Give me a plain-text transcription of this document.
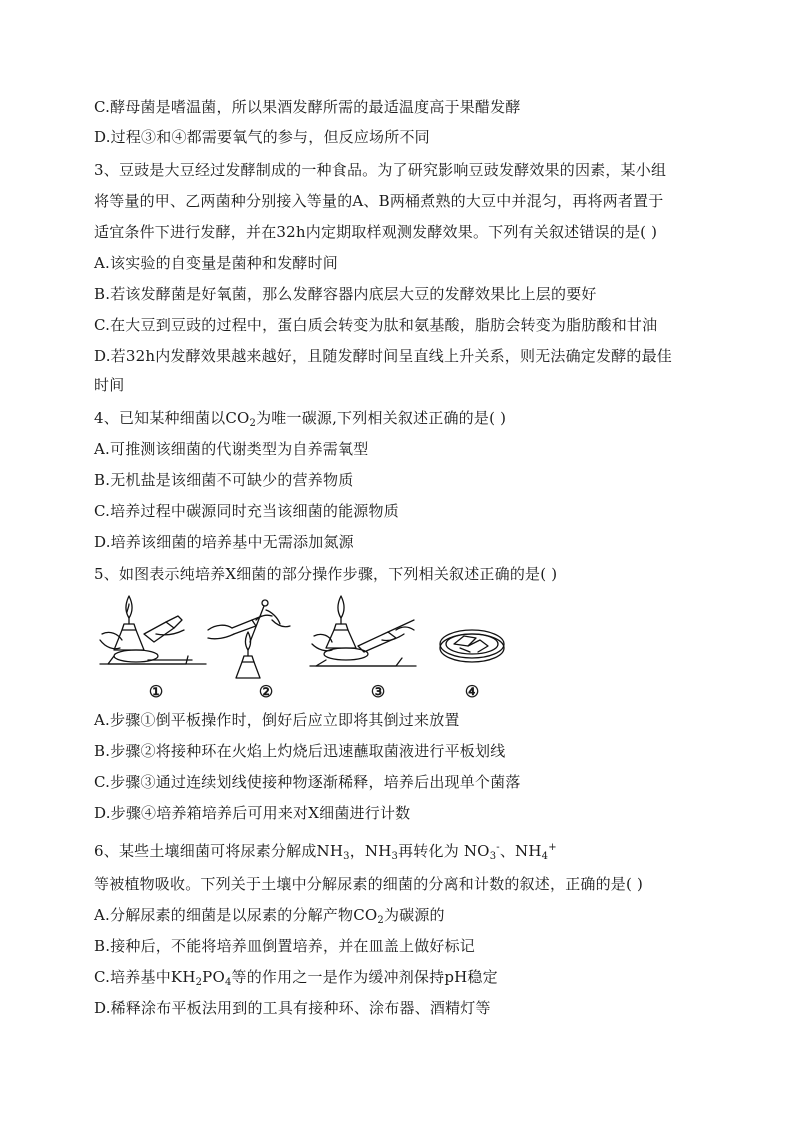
C.酵母菌是嗜温菌，所以果酒发酵所需的最适温度高于果醋发酵
D.过程③和④都需要氧气的参与，但反应场所不同
3、豆豉是大豆经过发酵制成的一种食品。为了研究影响豆豉发酵效果的因素，某小组
将等量的甲、乙两菌种分别接入等量的A、B两桶煮熟的大豆中并混匀，再将两者置于
适宜条件下进行发酵，并在32h内定期取样观测发酵效果。下列有关叙述错误的是( )
A.该实验的自变量是菌种和发酵时间
B.若该发酵菌是好氧菌，那么发酵容器内底层大豆的发酵效果比上层的要好
C.在大豆到豆豉的过程中，蛋白质会转变为肽和氨基酸，脂肪会转变为脂肪酸和甘油
D.若32h内发酵效果越来越好，且随发酵时间呈直线上升关系，则无法确定发酵的最佳
时间
4、已知某种细菌以$CO_2$为唯一碳源,下列相关叙述正确的是( )
A.可推测该细菌的代谢类型为自养需氧型
B.无机盐是该细菌不可缺少的营养物质
C.培养过程中碳源同时充当该细菌的能源物质
D.培养该细菌的培养基中无需添加氮源
5、如图表示纯培养X细菌的部分操作步骤，下列相关叙述正确的是( )
①	②	③	④
A.步骤①倒平板操作时，倒好后应立即将其倒过来放置
B.步骤②将接种环在火焰上灼烧后迅速蘸取菌液进行平板划线
C.步骤③通过连续划线使接种物逐渐稀释，培养后出现单个菌落
D.步骤④培养箱培养后可用来对X细菌进行计数
6、某些土壤细菌可将尿素分解成$NH_3$，$NH_3$再转化为 $NO_3^-$、$NH_4^+$
等被植物吸收。下列关于土壤中分解尿素的细菌的分离和计数的叙述，正确的是( )
A.分解尿素的细菌是以尿素的分解产物$CO_2$为碳源的
B.接种后，不能将培养皿倒置培养，并在皿盖上做好标记
C.培养基中$KH_2PO_4$等的作用之一是作为缓冲剂保持pH稳定
D.稀释涂布平板法用到的工具有接种环、涂布器、酒精灯等
